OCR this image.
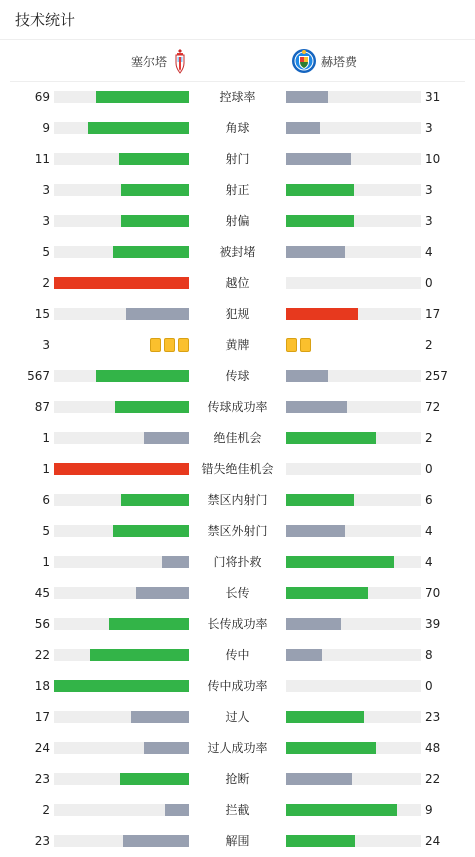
技术统计
塞尔塔	赫塔费
69	控球率	31
9	角球	3
11	射门	10
3	射正	3
3	射偏	3
5	被封堵	4
2	越位	0
15	犯规	17
3	黄牌	2
567	传球	257
87	传球成功率	72
1	绝佳机会	2
1	错失绝佳机会	0
6	禁区内射门	6
5	禁区外射门	4
1	门将扑救	4
45	长传	70
56	长传成功率	39
22	传中	8
18	传中成功率	0
17	过人	23
24	过人成功率	48
23	抢断	22
2	拦截	9
23	解围	24
